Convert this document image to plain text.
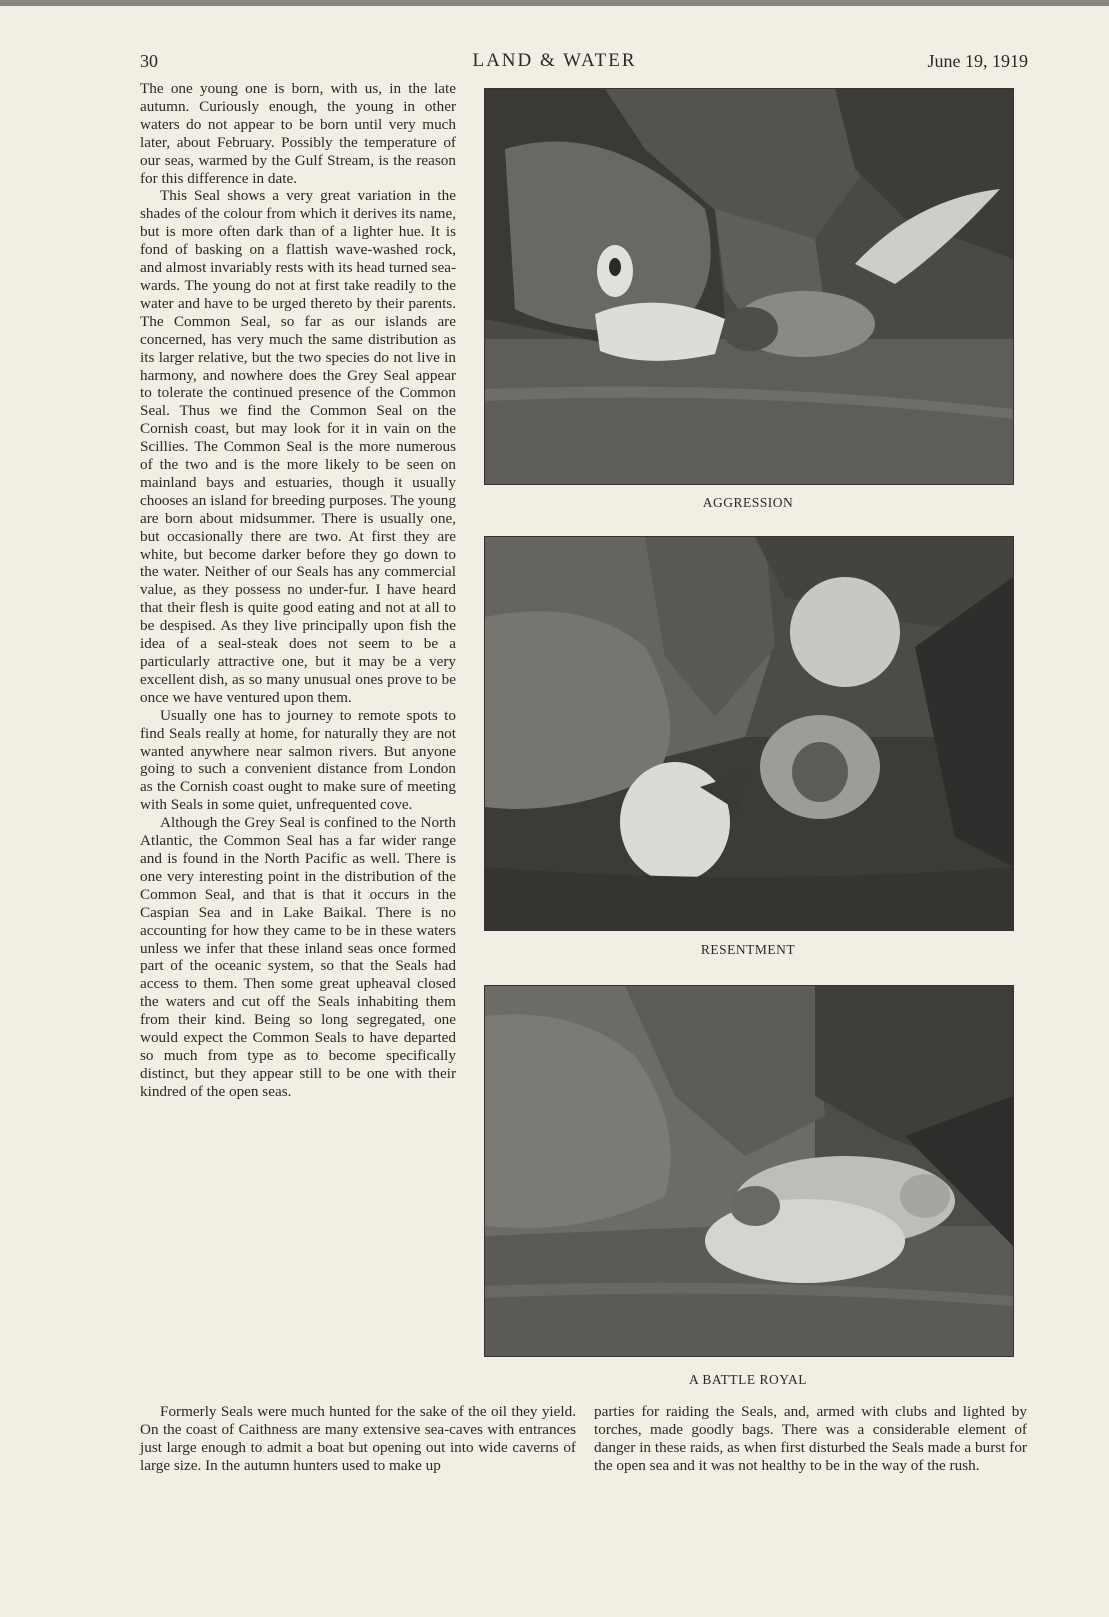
30	LAND & WATER	June 19, 1919

The one young one is born, with us, in the late autumn. Curiously enough, the young in other waters do not appear to be born until very much later, about February. Possibly the temperature of our seas, warmed by the Gulf Stream, is the reason for this difference in date.

This Seal shows a very great variation in the shades of the colour from which it derives its name, but is more often dark than of a lighter hue. It is fond of basking on a flattish wave-washed rock, and almost invariably rests with its head turned sea-wards. The young do not at first take readily to the water and have to be urged thereto by their parents. The Common Seal, so far as our islands are concerned, has very much the same distribution as its larger relative, but the two species do not live in harmony, and nowhere does the Grey Seal appear to tolerate the continued presence of the Common Seal. Thus we find the Common Seal on the Cornish coast, but may look for it in vain on the Scillies. The Common Seal is the more numerous of the two and is the more likely to be seen on mainland bays and estuaries, though it usually chooses an island for breeding purposes. The young are born about midsummer. There is usually one, but occasionally there are two. At first they are white, but become darker before they go down to the water. Neither of our Seals has any commercial value, as they possess no under-fur. I have heard that their flesh is quite good eating and not at all to be despised. As they live principally upon fish the idea of a seal-steak does not seem to be a particularly attractive one, but it may be a very excellent dish, as so many unusual ones prove to be once we have ventured upon them.

Usually one has to journey to remote spots to find Seals really at home, for naturally they are not wanted anywhere near salmon rivers. But anyone going to such a convenient distance from London as the Cornish coast ought to make sure of meeting with Seals in some quiet, unfrequented cove.

Although the Grey Seal is confined to the North Atlantic, the Common Seal has a far wider range and is found in the North Pacific as well. There is one very interesting point in the distribution of the Common Seal, and that is that it occurs in the Caspian Sea and in Lake Baikal. There is no accounting for how they came to be in these waters unless we infer that these inland seas once formed part of the oceanic system, so that the Seals had access to them. Then some great upheaval closed the waters and cut off the Seals inhabiting them from their kind. Being so long segregated, one would expect the Common Seals to have departed so much from type as to become specifically distinct, but they appear still to be one with their kindred of the open seas.

AGGRESSION
RESENTMENT
A BATTLE ROYAL

Formerly Seals were much hunted for the sake of the oil they yield. On the coast of Caithness are many extensive sea-caves with entrances just large enough to admit a boat but opening out into wide caverns of large size. In the autumn hunters used to make up

parties for raiding the Seals, and, armed with clubs and lighted by torches, made goodly bags. There was a considerable element of danger in these raids, as when first disturbed the Seals made a burst for the open sea and it was not healthy to be in the way of the rush.
